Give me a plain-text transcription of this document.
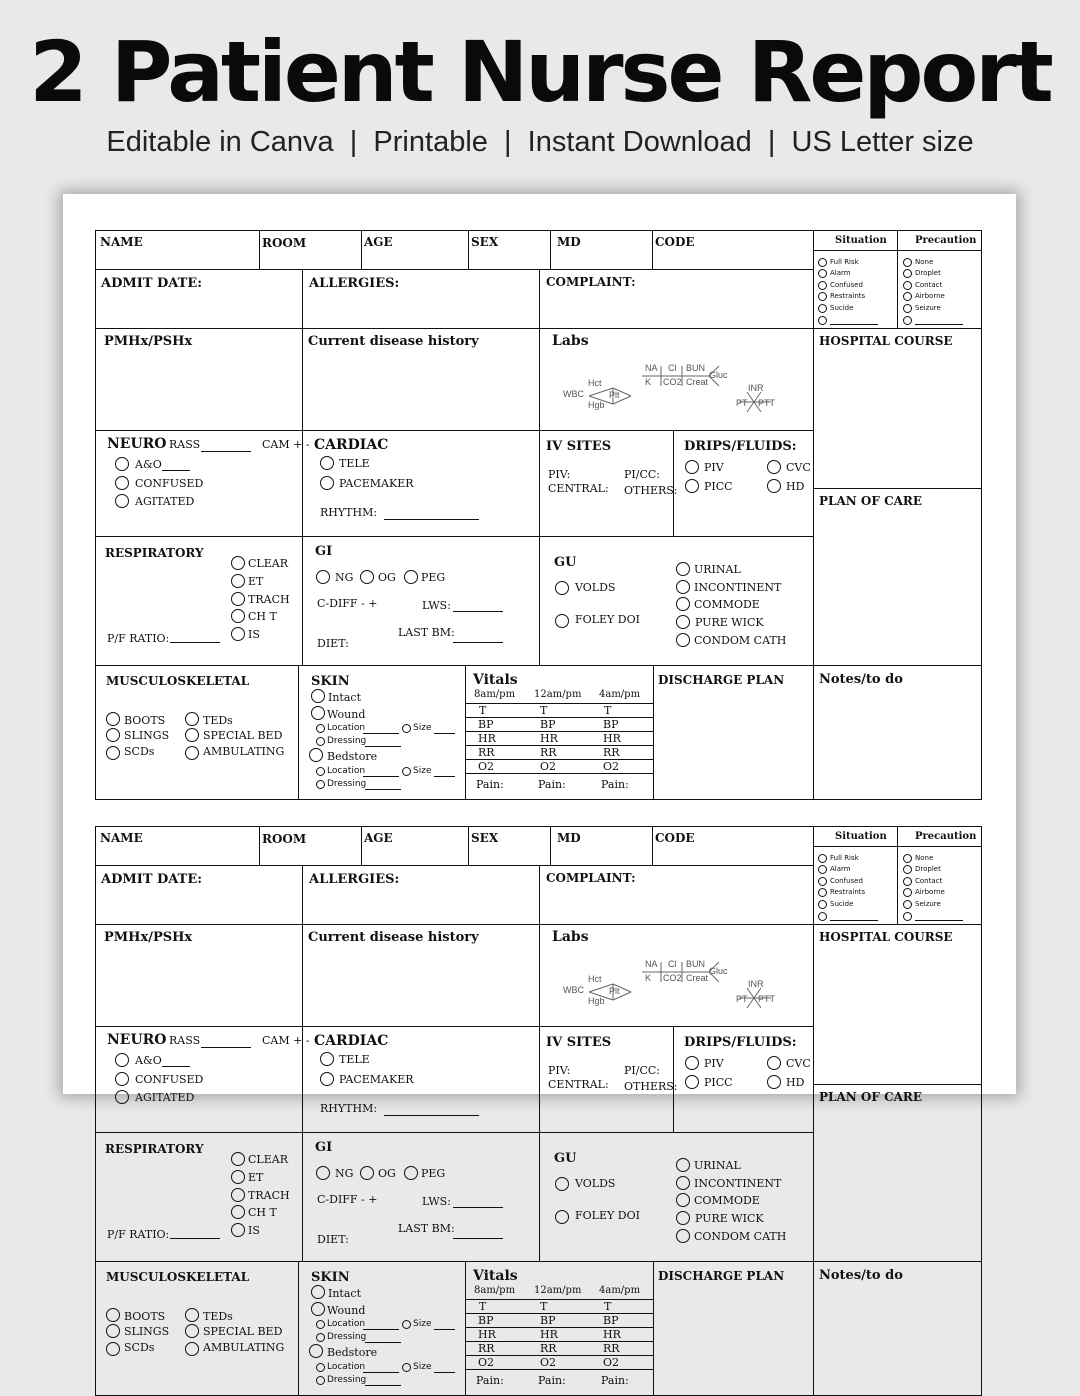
2 Patient Nurse Report
Editable in Canva  |  Printable  |  Instant Download  |  US Letter size
NAME	ROOM	AGE	SEX	MD	CODE	Situation	Precaution
Full Risk
Alarm
Confused
Restraints
Sucide
None
Droplet
Contact
Airborne
Seizure
ADMIT DATE:	ALLERGIES:	COMPLAINT:
PMHx/PSHx	Current disease history	Labs
NA Cl BUN
Gluc
K CO2 Creat
Hct
WBC	Plt
Hgb
INR
PT PTT
HOSPITAL COURSE
PLAN OF CARE
NEURO RASS	CAM + -
A&O
CONFUSED
AGITATED
CARDIAC
TELE
PACEMAKER
RHYTHM:
IV SITES
PIV:	PI/CC:
CENTRAL: OTHERS:
DRIPS/FLUIDS:
PIV	CVC
PICC	HD
RESPIRATORY
CLEAR
ET
TRACH
CH T
IS
P/F RATIO:
GI
NG OG PEG
C-DIFF - +	LWS:
LAST BM:
DIET:
GU
VOLDS
FOLEY DOI
URINAL
INCONTINENT
COMMODE
PURE WICK
CONDOM CATH
MUSCULOSKELETAL
BOOTS
SLINGS
SCDs
TEDs
SPECIAL BED
AMBULATING
SKIN
Intact
Wound
Location	Size
Dressing
Bedstore
Location	Size
Dressing
Vitals
8am/pm 12am/pm 4am/pm
T	T	T
BP	BP	BP
HR	HR	HR
RR	RR	RR
O2	O2	O2
Pain:	Pain:	Pain:
DISCHARGE PLAN	Notes/to do
NAME	ROOM	AGE	SEX	MD	CODE	Situation	Precaution
Full Risk
Alarm
Confused
Restraints
Sucide
None
Droplet
Contact
Airborne
Seizure
ADMIT DATE:	ALLERGIES:	COMPLAINT:
PMHx/PSHx	Current disease history	Labs
NA Cl BUN
Gluc
K CO2 Creat
Hct
WBC	Plt
Hgb
INR
PT PTT
HOSPITAL COURSE
PLAN OF CARE
NEURO RASS	CAM + -
A&O
CONFUSED
AGITATED
CARDIAC
TELE
PACEMAKER
RHYTHM:
IV SITES
PIV:	PI/CC:
CENTRAL: OTHERS:
DRIPS/FLUIDS:
PIV	CVC
PICC	HD
RESPIRATORY
CLEAR
ET
TRACH
CH T
IS
P/F RATIO:
GI
NG OG PEG
C-DIFF - +	LWS:
LAST BM:
DIET:
GU
VOLDS
FOLEY DOI
URINAL
INCONTINENT
COMMODE
PURE WICK
CONDOM CATH
MUSCULOSKELETAL
BOOTS
SLINGS
SCDs
TEDs
SPECIAL BED
AMBULATING
SKIN
Intact
Wound
Location	Size
Dressing
Bedstore
Location	Size
Dressing
Vitals
8am/pm 12am/pm 4am/pm
T	T	T
BP	BP	BP
HR	HR	HR
RR	RR	RR
O2	O2	O2
Pain:	Pain:	Pain:
DISCHARGE PLAN	Notes/to do
